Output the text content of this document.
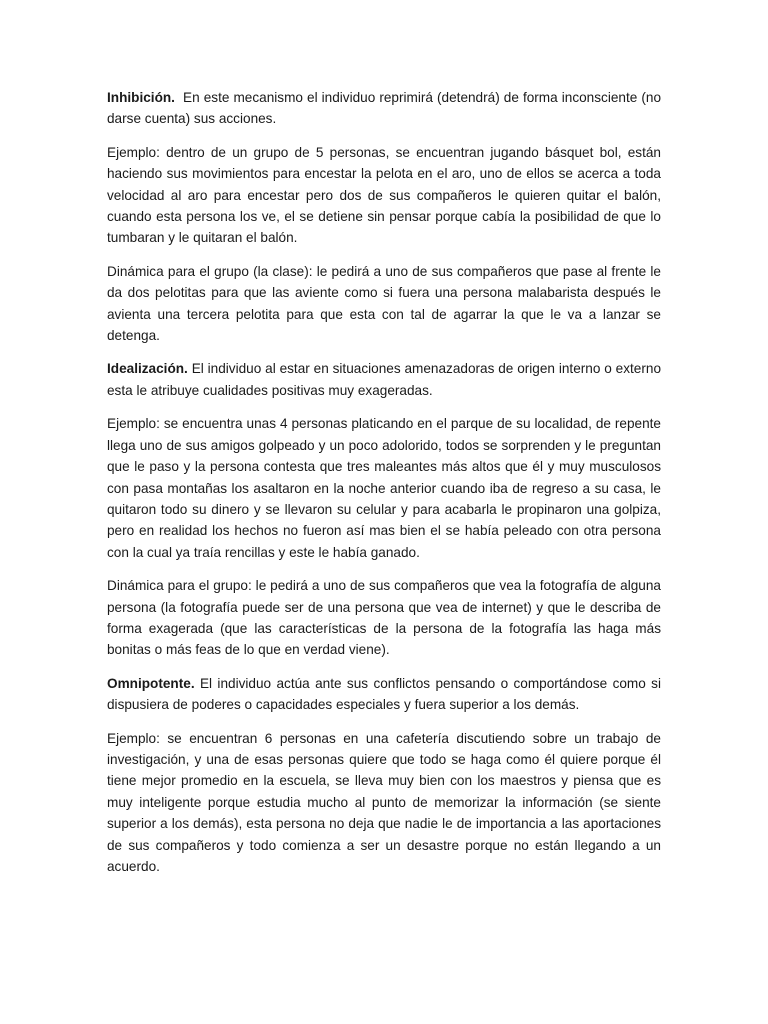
Inhibición.  En este mecanismo el individuo reprimirá (detendrá) de forma inconsciente (no darse cuenta) sus acciones.

Ejemplo: dentro de un grupo de 5 personas, se encuentran jugando básquet bol, están haciendo sus movimientos para encestar la pelota en el aro, uno de ellos se acerca a toda velocidad al aro para encestar pero dos de sus compañeros le quieren quitar el balón, cuando esta persona los ve, el se detiene sin pensar porque cabía la posibilidad de que lo tumbaran y le quitaran el balón.

Dinámica para el grupo (la clase): le pedirá a uno de sus compañeros que pase al frente le da dos pelotitas para que las aviente como si fuera una persona malabarista después le avienta una tercera pelotita para que esta con tal de agarrar la que le va a lanzar se detenga.

Idealización. El individuo al estar en situaciones amenazadoras de origen interno o externo esta le atribuye cualidades positivas muy exageradas.

Ejemplo: se encuentra unas 4 personas platicando en el parque de su localidad, de repente llega uno de sus amigos golpeado y un poco adolorido, todos se sorprenden y le preguntan que le paso y la persona contesta que tres maleantes más altos que él y muy musculosos con pasa montañas los asaltaron en la noche anterior cuando iba de regreso a su casa, le quitaron todo su dinero y se llevaron su celular y para acabarla le propinaron una golpiza, pero en realidad los hechos no fueron así mas bien el se había peleado con otra persona con la cual ya traía rencillas y este le había ganado.

Dinámica para el grupo: le pedirá a uno de sus compañeros que vea la fotografía de alguna persona (la fotografía puede ser de una persona que vea de internet) y que le describa de forma exagerada (que las características de la persona de la fotografía las haga más bonitas o más feas de lo que en verdad viene).

Omnipotente. El individuo actúa ante sus conflictos pensando o comportándose como si dispusiera de poderes o capacidades especiales y fuera superior a los demás.

Ejemplo: se encuentran 6 personas en una cafetería discutiendo sobre un trabajo de investigación, y una de esas personas quiere que todo se haga como él quiere porque él tiene mejor promedio en la escuela, se lleva muy bien con los maestros y piensa que es muy inteligente porque estudia mucho al punto de memorizar la información (se siente superior a los demás), esta persona no deja que nadie le de importancia a las aportaciones de sus compañeros y todo comienza a ser un desastre porque no están llegando a un acuerdo.
